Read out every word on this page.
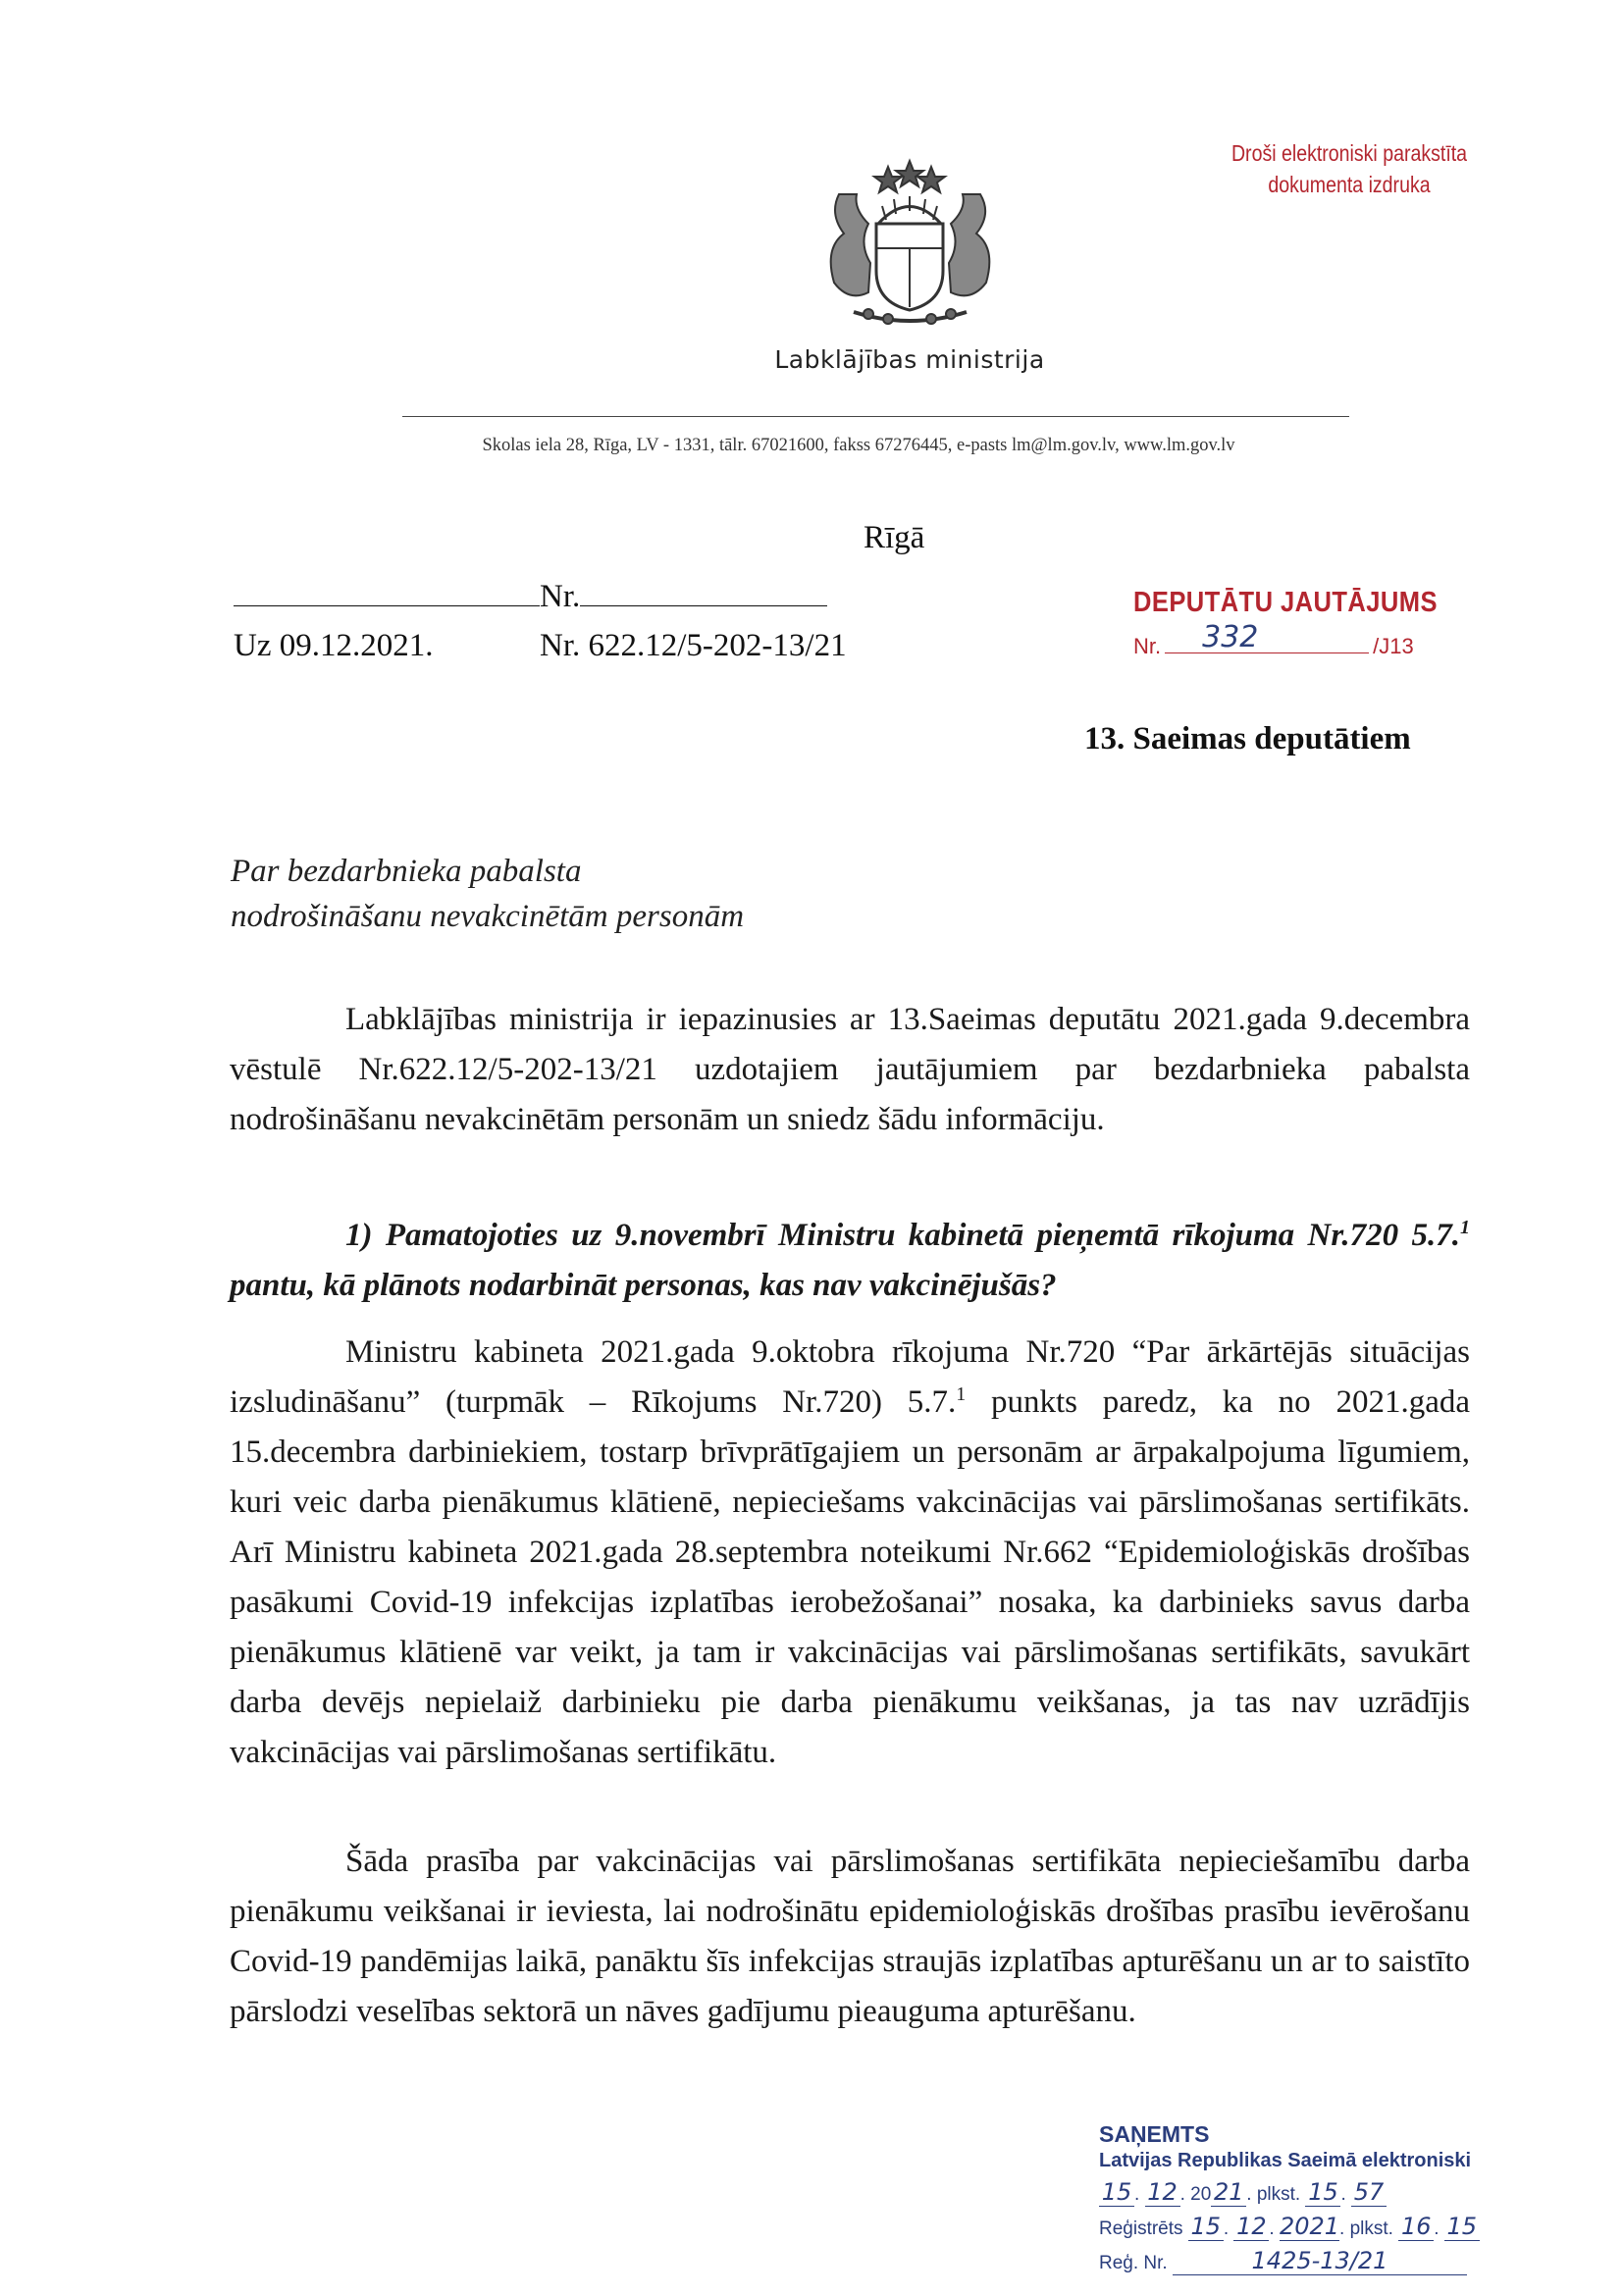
Droši elektroniski parakstīta
dokumenta izdruka
Labklājības ministrija
Skolas iela 28, Rīga, LV - 1331, tālr. 67021600, fakss 67276445, e-pasts lm@lm.gov.lv, www.lm.gov.lv
Rīgā
Nr.
Uz 09.12.2021.	Nr. 622.12/5-202-13/21
DEPUTĀTU JAUTĀJUMS
Nr. 332	/J13
13. Saeimas deputātiem
Par bezdarbnieka pabalsta
nodrošināšanu nevakcinētām personām
Labklājības ministrija ir iepazinusies ar 13.Saeimas deputātu 2021.gada 9.decembra vēstulē Nr.622.12/5-202-13/21 uzdotajiem jautājumiem par bezdarbnieka pabalsta nodrošināšanu nevakcinētām personām un sniedz šādu informāciju.
1) Pamatojoties uz 9.novembrī Ministru kabinetā pieņemtā rīkojuma Nr.720 5.7.$^1$ pantu, kā plānots nodarbināt personas, kas nav vakcinējušās?
Ministru kabineta 2021.gada 9.oktobra rīkojuma Nr.720 “Par ārkārtējās situācijas izsludināšanu” (turpmāk – Rīkojums Nr.720) 5.7.$^1$ punkts paredz, ka no 2021.gada 15.decembra darbiniekiem, tostarp brīvprātīgajiem un personām ar ārpakalpojuma līgumiem, kuri veic darba pienākumus klātienē, nepieciešams vakcinācijas vai pārslimošanas sertifikāts. Arī Ministru kabineta 2021.gada 28.septembra noteikumi Nr.662 “Epidemioloģiskās drošības pasākumi Covid-19 infekcijas izplatības ierobežošanai” nosaka, ka darbinieks savus darba pienākumus klātienē var veikt, ja tam ir vakcinācijas vai pārslimošanas sertifikāts, savukārt darba devējs nepielaiž darbinieku pie darba pienākumu veikšanas, ja tas nav uzrādījis vakcinācijas vai pārslimošanas sertifikātu.
Šāda prasība par vakcinācijas vai pārslimošanas sertifikāta nepieciešamību darba pienākumu veikšanai ir ieviesta, lai nodrošinātu epidemioloģiskās drošības prasību ievērošanu Covid-19 pandēmijas laikā, panāktu šīs infekcijas straujās izplatības apturēšanu un ar to saistīto pārslodzi veselības sektorā un nāves gadījumu pieauguma apturēšanu.
SAŅEMTS
Latvijas Republikas Saeimā elektroniski
15 . 12 . 20 21 . plkst. 15 . 57
Reģistrēts 15 . 12 . 2021. plkst. 16 . 15
Reģ. Nr.	1425-13/21
